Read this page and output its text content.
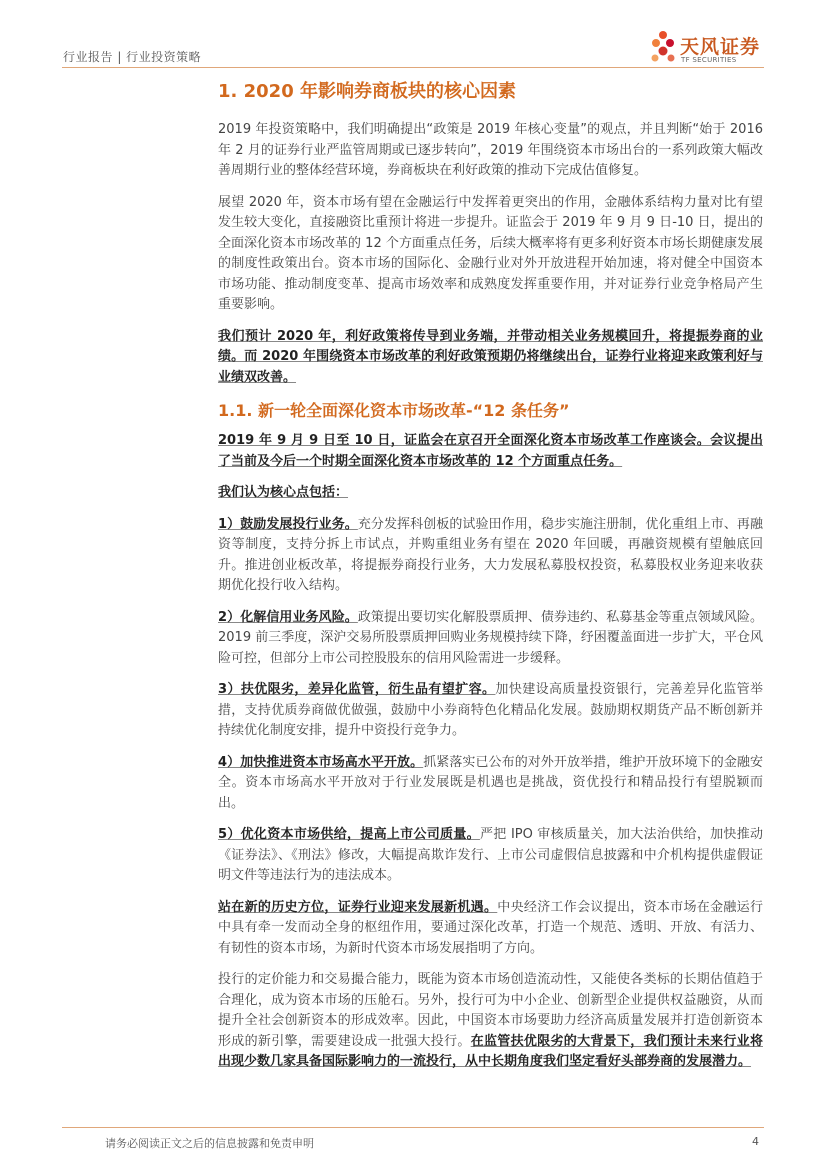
行业报告 | 行业投资策略	天风证券
TF SECURITIES
1. 2020 年影响券商板块的核心因素

2019 年投资策略中，我们明确提出“政策是 2019 年核心变量”的观点，并且判断“始于 2016 年 2 月的证券行业严监管周期或已逐步转向”，2019 年围绕资本市场出台的一系列政策大幅改善周期行业的整体经营环境，券商板块在利好政策的推动下完成估值修复。

展望 2020 年，资本市场有望在金融运行中发挥着更突出的作用，金融体系结构力量对比有望发生较大变化，直接融资比重预计将进一步提升。证监会于 2019 年 9 月 9 日-10 日，提出的全面深化资本市场改革的 12 个方面重点任务，后续大概率将有更多利好资本市场长期健康发展的制度性政策出台。资本市场的国际化、金融行业对外开放进程开始加速，将对健全中国资本市场功能、推动制度变革、提高市场效率和成熟度发挥重要作用，并对证券行业竞争格局产生重要影响。

我们预计 2020 年，利好政策将传导到业务端，并带动相关业务规模回升，将提振券商的业绩。而 2020 年围绕资本市场改革的利好政策预期仍将继续出台，证券行业将迎来政策利好与业绩双改善。

1.1. 新一轮全面深化资本市场改革-“12 条任务”

2019 年 9 月 9 日至 10 日，证监会在京召开全面深化资本市场改革工作座谈会。会议提出了当前及今后一个时期全面深化资本市场改革的 12 个方面重点任务。

我们认为核心点包括：

1）鼓励发展投行业务。充分发挥科创板的试验田作用，稳步实施注册制，优化重组上市、再融资等制度，支持分拆上市试点，并购重组业务有望在 2020 年回暖，再融资规模有望触底回升。推进创业板改革，将提振券商投行业务，大力发展私募股权投资，私募股权业务迎来收获期优化投行收入结构。

2）化解信用业务风险。政策提出要切实化解股票质押、债券违约、私募基金等重点领域风险。2019 前三季度，深沪交易所股票质押回购业务规模持续下降，纾困覆盖面进一步扩大，平仓风险可控，但部分上市公司控股股东的信用风险需进一步缓释。

3）扶优限劣，差异化监管，衍生品有望扩容。加快建设高质量投资银行，完善差异化监管举措，支持优质券商做优做强，鼓励中小券商特色化精品化发展。鼓励期权期货产品不断创新并持续优化制度安排，提升中资投行竞争力。

4）加快推进资本市场高水平开放。抓紧落实已公布的对外开放举措，维护开放环境下的金融安全。资本市场高水平开放对于行业发展既是机遇也是挑战，资优投行和精品投行有望脱颖而出。

5）优化资本市场供给，提高上市公司质量。严把 IPO 审核质量关，加大法治供给，加快推动《证券法》、《刑法》修改，大幅提高欺诈发行、上市公司虚假信息披露和中介机构提供虚假证明文件等违法行为的违法成本。

站在新的历史方位，证券行业迎来发展新机遇。中央经济工作会议提出，资本市场在金融运行中具有牵一发而动全身的枢纽作用，要通过深化改革，打造一个规范、透明、开放、有活力、有韧性的资本市场，为新时代资本市场发展指明了方向。

投行的定价能力和交易撮合能力，既能为资本市场创造流动性，又能使各类标的长期估值趋于合理化，成为资本市场的压舱石。另外，投行可为中小企业、创新型企业提供权益融资，从而提升全社会创新资本的形成效率。因此，中国资本市场要助力经济高质量发展并打造创新资本形成的新引擎，需要建设成一批强大投行。在监管扶优限劣的大背景下，我们预计未来行业将出现少数几家具备国际影响力的一流投行，从中长期角度我们坚定看好头部券商的发展潜力。

请务必阅读正文之后的信息披露和免责申明	4
